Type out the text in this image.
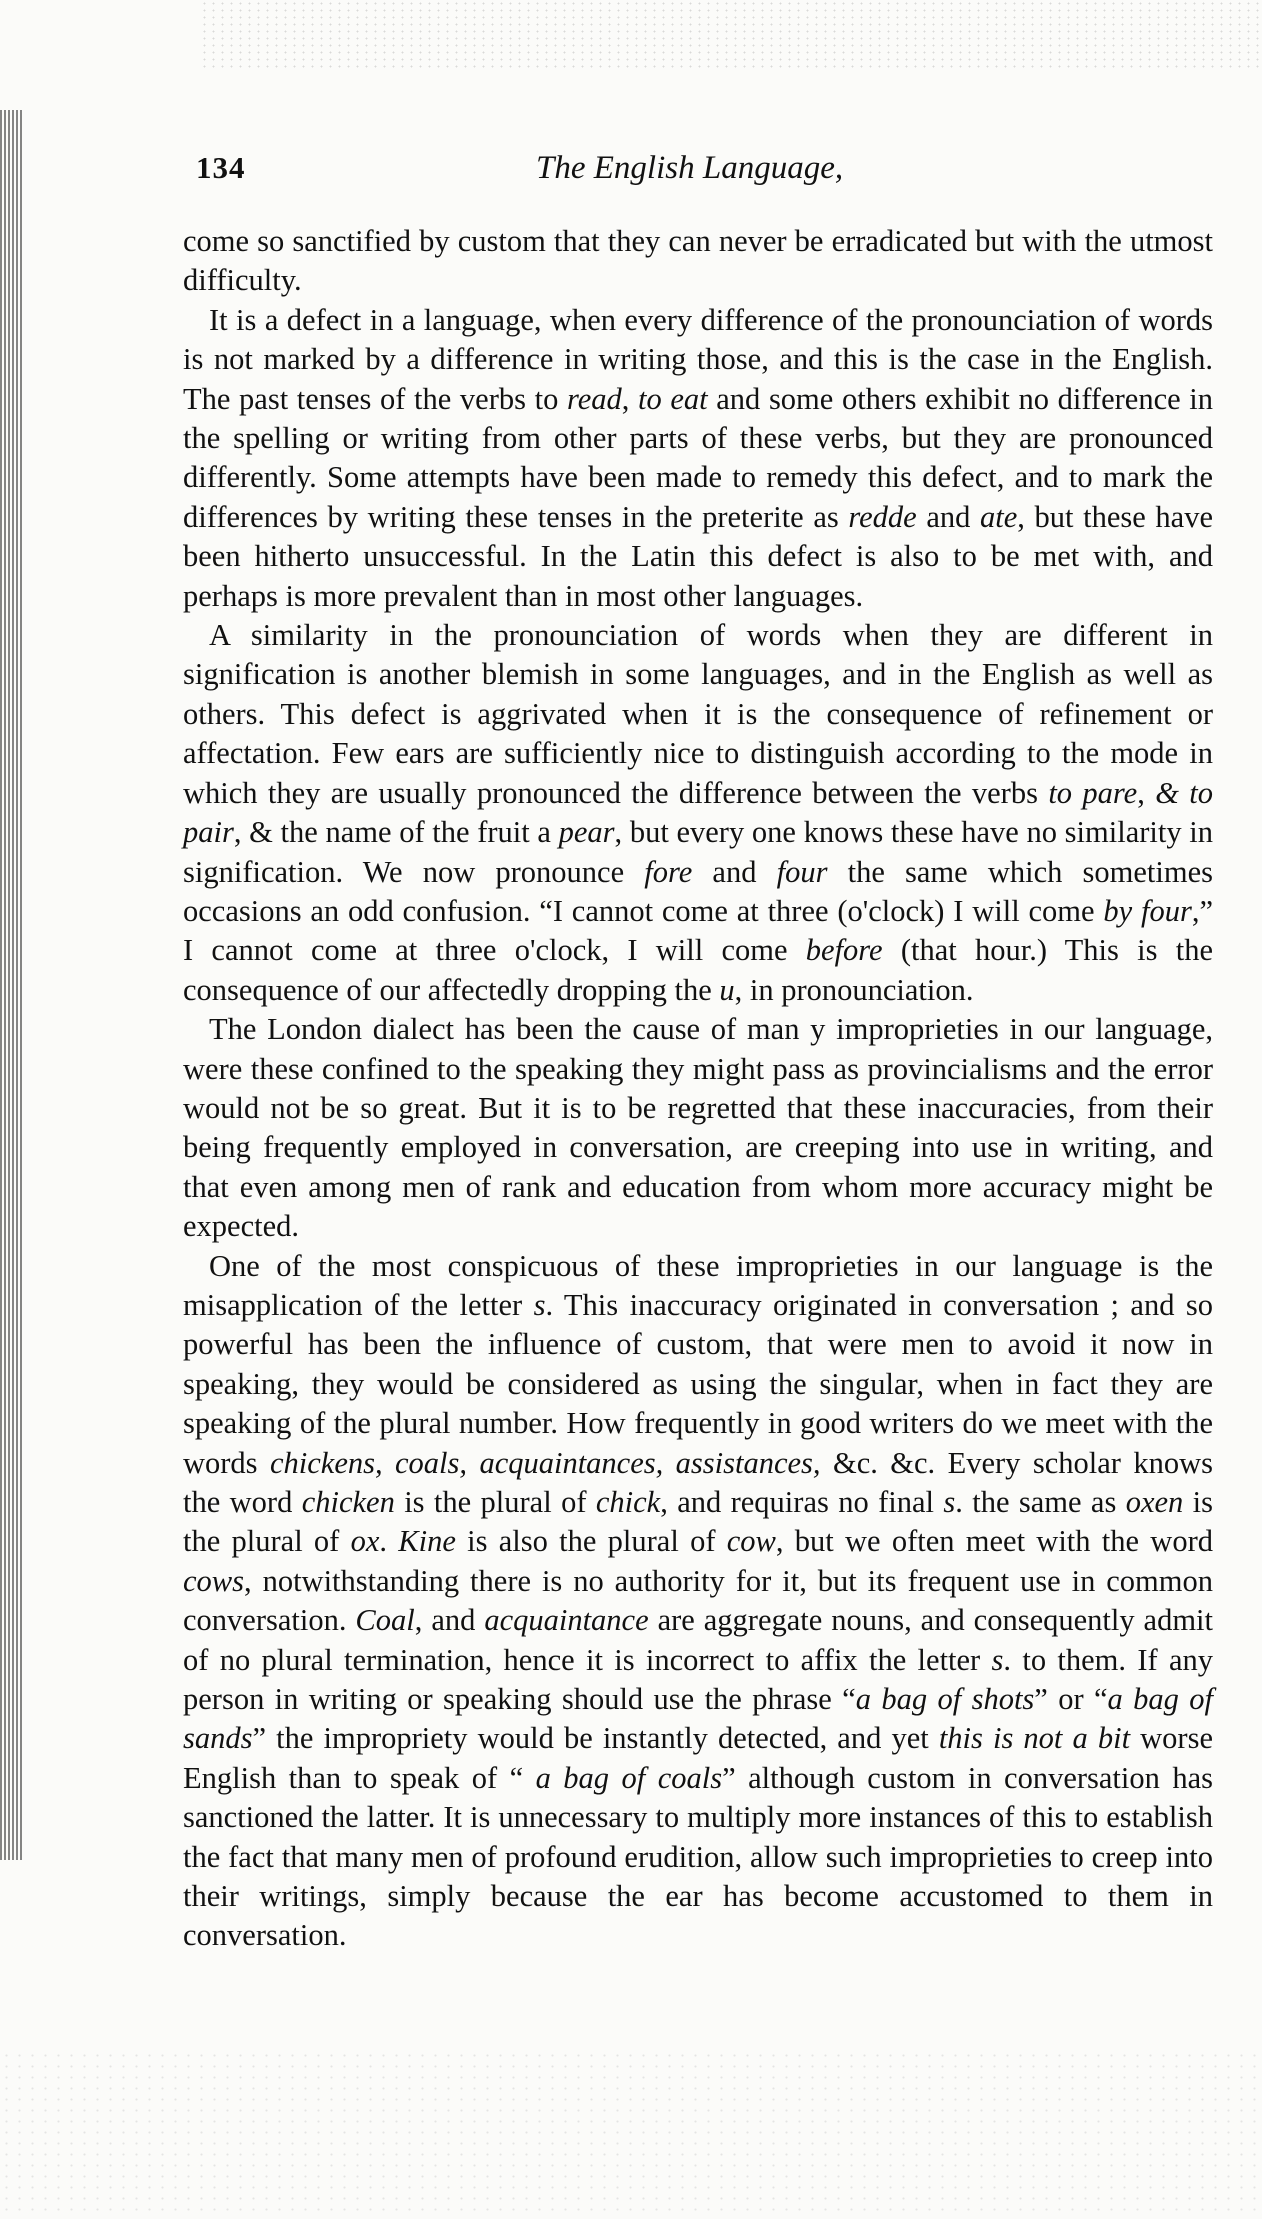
134	The English Language,

come so sanctified by custom that they can never be erradicated but with the utmost difficulty.

It is a defect in a language, when every difference of the pronounciation of words is not marked by a difference in writing those, and this is the case in the English. The past tenses of the verbs to read, to eat and some others exhibit no difference in the spelling or writing from other parts of these verbs, but they are pronounced differently. Some attempts have been made to remedy this defect, and to mark the differences by writing these tenses in the preterite as redde and ate, but these have been hitherto unsuccessful. In the Latin this defect is also to be met with, and perhaps is more prevalent than in most other languages.

A similarity in the pronounciation of words when they are different in signification is another blemish in some languages, and in the English as well as others. This defect is aggrivated when it is the consequence of refinement or affectation. Few ears are sufficiently nice to distinguish according to the mode in which they are usually pronounced the difference between the verbs to pare, & to pair, & the name of the fruit a pear, but every one knows these have no similarity in signification. We now pronounce fore and four the same which sometimes occasions an odd confusion. “I cannot come at three (o'clock) I will come by four,” I cannot come at three o'clock, I will come before (that hour.) This is the consequence of our affectedly dropping the u, in pronounciation.

The London dialect has been the cause of man y improprieties in our language, were these confined to the speaking they might pass as provincialisms and the error would not be so great. But it is to be regretted that these inaccuracies, from their being frequently employed in conversation, are creeping into use in writing, and that even among men of rank and education from whom more accuracy might be expected.

One of the most conspicuous of these improprieties in our language is the misapplication of the letter s. This inaccuracy originated in conversation ; and so powerful has been the influence of custom, that were men to avoid it now in speaking, they would be considered as using the singular, when in fact they are speaking of the plural number. How frequently in good writers do we meet with the words chickens, coals, acquaintances, assistances, &c. &c. Every scholar knows the word chicken is the plural of chick, and requiras no final s. the same as oxen is the plural of ox. Kine is also the plural of cow, but we often meet with the word cows, notwithstanding there is no authority for it, but its frequent use in common conversation. Coal, and acquaintance are aggregate nouns, and consequently admit of no plural termination, hence it is incorrect to affix the letter s. to them. If any person in writing or speaking should use the phrase “a bag of shots” or “a bag of sands” the impropriety would be instantly detected, and yet this is not a bit worse English than to speak of “ a bag of coals” although custom in conversation has sanctioned the latter. It is unnecessary to multiply more instances of this to establish the fact that many men of profound erudition, allow such improprieties to creep into their writings, simply because the ear has become accustomed to them in conversation.
